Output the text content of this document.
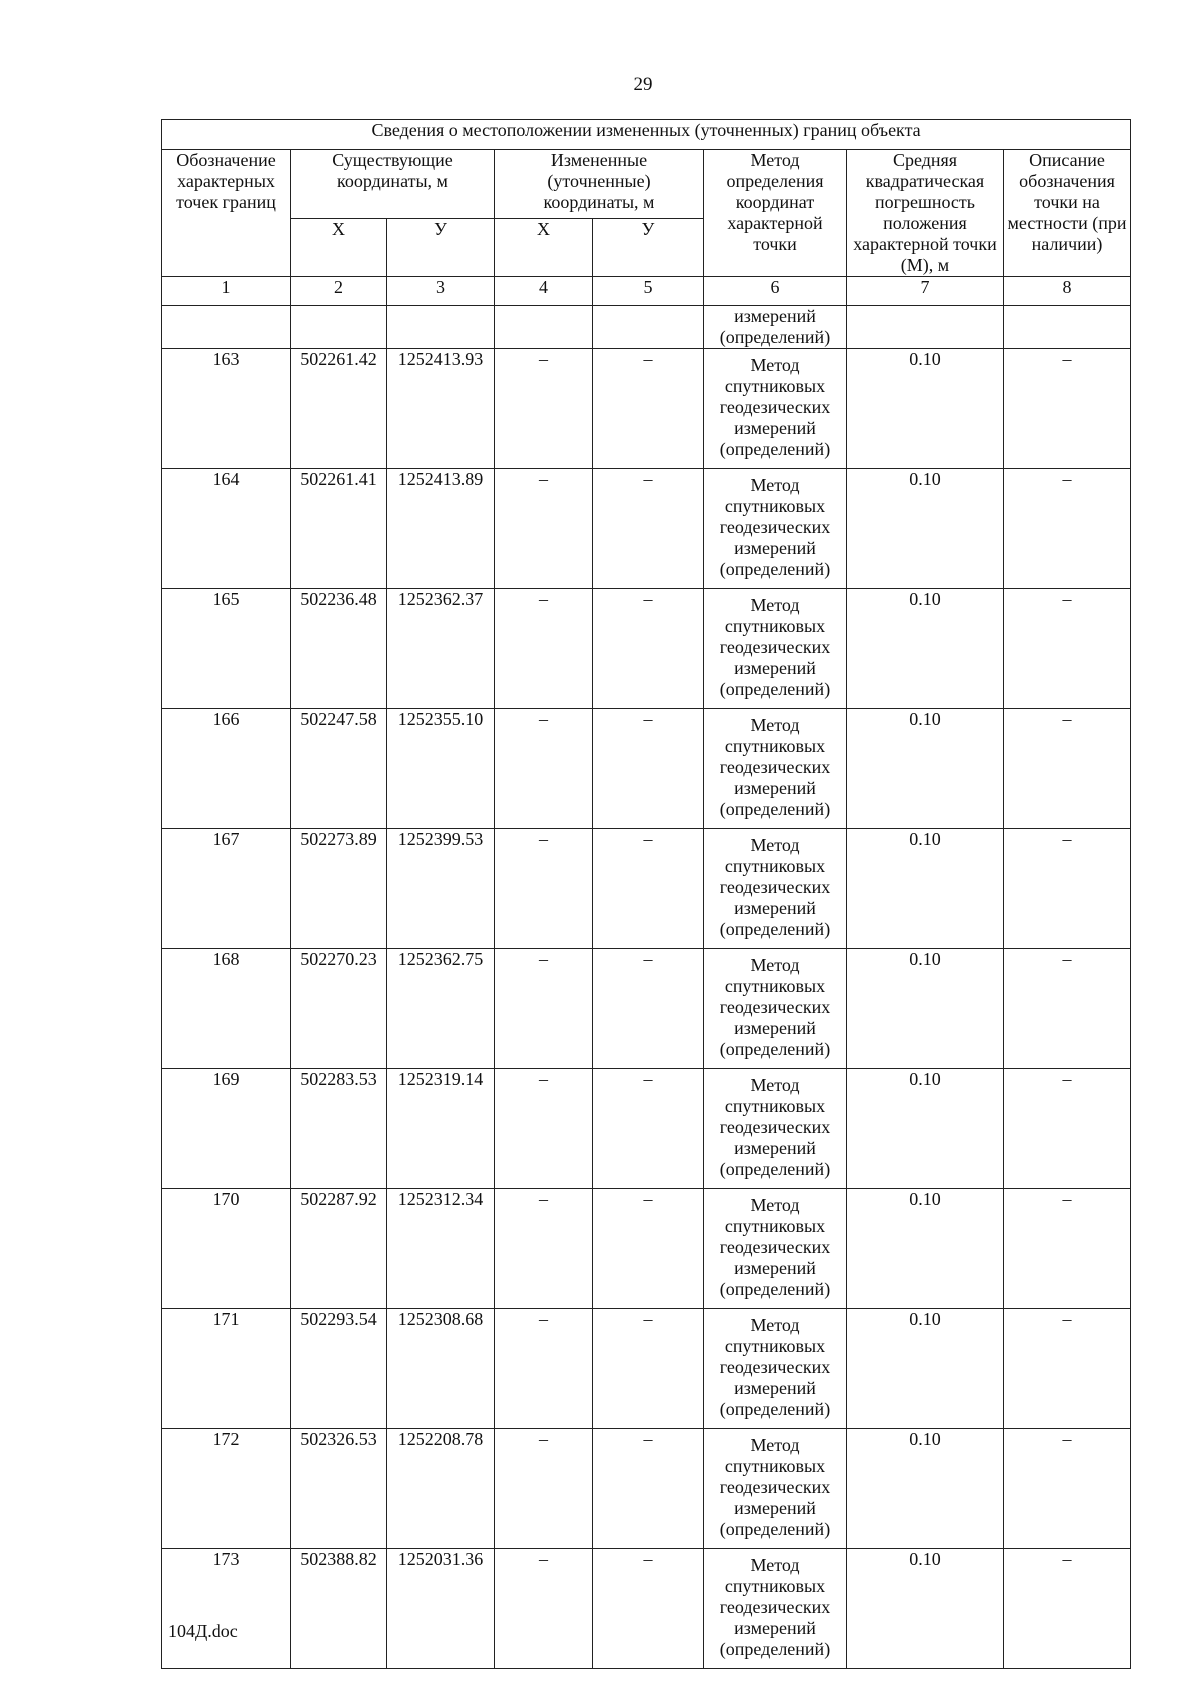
29
Сведения о местоположении измененных (уточненных) границ объекта							
Обозначение характерных точек границ	Существующие координаты, м		Измененные (уточненные) координаты, м		Метод определения координат характерной точки	Средняя квадратическая погрешность положения характерной точки (М), м	Описание обозначения точки на местности (при наличии)
	Х	У	Х	У			
1	2	3	4	5	6	7	8
					измерений
(определений)		
163	502261.42	1252413.93	–	–	Метод
спутниковых
геодезических
измерений
(определений)	0.10	–
164	502261.41	1252413.89	–	–	Метод
спутниковых
геодезических
измерений
(определений)	0.10	–
165	502236.48	1252362.37	–	–	Метод
спутниковых
геодезических
измерений
(определений)	0.10	–
166	502247.58	1252355.10	–	–	Метод
спутниковых
геодезических
измерений
(определений)	0.10	–
167	502273.89	1252399.53	–	–	Метод
спутниковых
геодезических
измерений
(определений)	0.10	–
168	502270.23	1252362.75	–	–	Метод
спутниковых
геодезических
измерений
(определений)	0.10	–
169	502283.53	1252319.14	–	–	Метод
спутниковых
геодезических
измерений
(определений)	0.10	–
170	502287.92	1252312.34	–	–	Метод
спутниковых
геодезических
измерений
(определений)	0.10	–
171	502293.54	1252308.68	–	–	Метод
спутниковых
геодезических
измерений
(определений)	0.10	–
172	502326.53	1252208.78	–	–	Метод
спутниковых
геодезических
измерений
(определений)	0.10	–
173	502388.82	1252031.36	–	–	Метод
спутниковых
геодезических
измерений
(определений)	0.10	–
104Д.doc
